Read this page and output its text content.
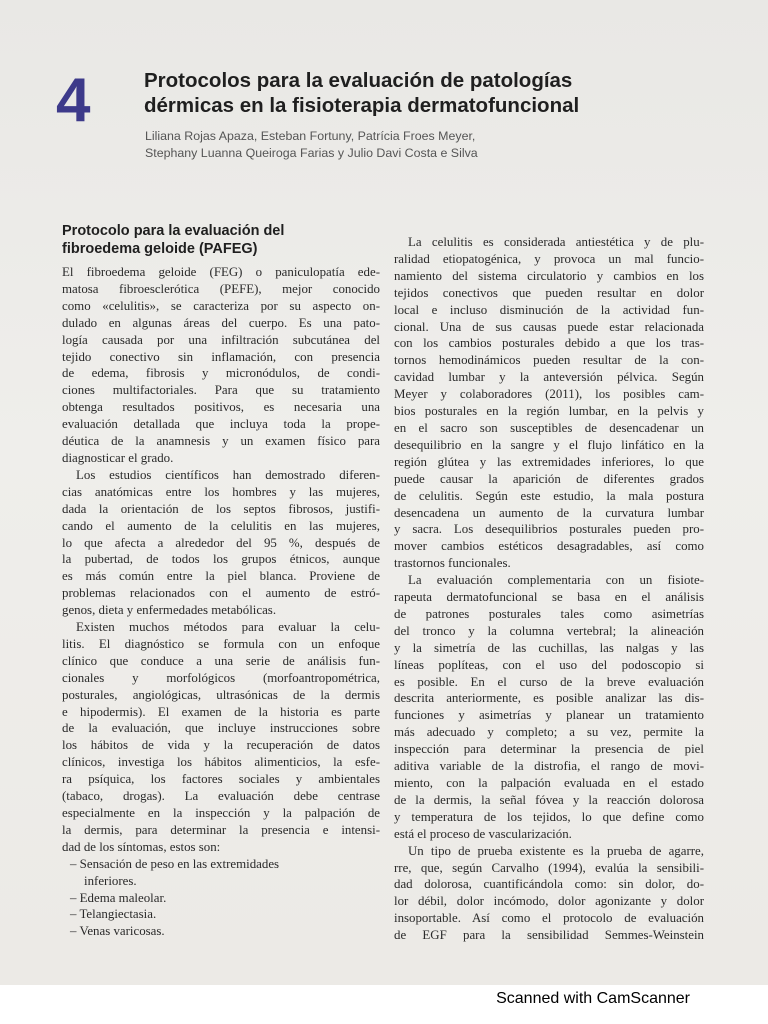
4	Protocolos para la evaluación de patologías
dérmicas en la fisioterapia dermatofuncional
Liliana Rojas Apaza, Esteban Fortuny, Patrícia Froes Meyer,
Stephany Luanna Queiroga Farias y Julio Davi Costa e Silva
Protocolo para la evaluación del
fibroedema geloide (PAFEG)
El fibroedema geloide (FEG) o paniculopatía ede-
matosa fibroesclerótica (PEFE), mejor conocido
como «celulitis», se caracteriza por su aspecto on-
dulado en algunas áreas del cuerpo. Es una pato-
logía causada por una infiltración subcutánea del
tejido conectivo sin inflamación, con presencia
de edema, fibrosis y micronódulos, de condi-
ciones multifactoriales. Para que su tratamiento
obtenga resultados positivos, es necesaria una
evaluación detallada que incluya toda la prope-
déutica de la anamnesis y un examen físico para
diagnosticar el grado.
Los estudios científicos han demostrado diferen-
cias anatómicas entre los hombres y las mujeres,
dada la orientación de los septos fibrosos, justifi-
cando el aumento de la celulitis en las mujeres,
lo que afecta a alrededor del 95 %, después de
la pubertad, de todos los grupos étnicos, aunque
es más común entre la piel blanca. Proviene de
problemas relacionados con el aumento de estró-
genos, dieta y enfermedades metabólicas.
Existen muchos métodos para evaluar la celu-
litis. El diagnóstico se formula con un enfoque
clínico que conduce a una serie de análisis fun-
cionales y morfológicos (morfoantropométrica,
posturales, angiológicas, ultrasónicas de la dermis
e hipodermis). El examen de la historia es parte
de la evaluación, que incluye instrucciones sobre
los hábitos de vida y la recuperación de datos
clínicos, investiga los hábitos alimenticios, la esfe-
ra psíquica, los factores sociales y ambientales
(tabaco, drogas). La evaluación debe centrase
especialmente en la inspección y la palpación de
la dermis, para determinar la presencia e intensi-
dad de los síntomas, estos son:
– Sensación de peso en las extremidades
inferiores.
– Edema maleolar.
– Telangiectasia.
– Venas varicosas.
La celulitis es considerada antiestética y de plu-
ralidad etiopatogénica, y provoca un mal funcio-
namiento del sistema circulatorio y cambios en los
tejidos conectivos que pueden resultar en dolor
local e incluso disminución de la actividad fun-
cional. Una de sus causas puede estar relacionada
con los cambios posturales debido a que los tras-
tornos hemodinámicos pueden resultar de la con-
cavidad lumbar y la anteversión pélvica. Según
Meyer y colaboradores (2011), los posibles cam-
bios posturales en la región lumbar, en la pelvis y
en el sacro son susceptibles de desencadenar un
desequilibrio en la sangre y el flujo linfático en la
región glútea y las extremidades inferiores, lo que
puede causar la aparición de diferentes grados
de celulitis. Según este estudio, la mala postura
desencadena un aumento de la curvatura lumbar
y sacra. Los desequilibrios posturales pueden pro-
mover cambios estéticos desagradables, así como
trastornos funcionales.
La evaluación complementaria con un fisiote-
rapeuta dermatofuncional se basa en el análisis
de patrones posturales tales como asimetrías
del tronco y la columna vertebral; la alineación
y la simetría de las cuchillas, las nalgas y las
líneas poplíteas, con el uso del podoscopio si
es posible. En el curso de la breve evaluación
descrita anteriormente, es posible analizar las dis-
funciones y asimetrías y planear un tratamiento
más adecuado y completo; a su vez, permite la
inspección para determinar la presencia de piel
aditiva variable de la distrofia, el rango de movi-
miento, con la palpación evaluada en el estado
de la dermis, la señal fóvea y la reacción dolorosa
y temperatura de los tejidos, lo que define como
está el proceso de vascularización.
Un tipo de prueba existente es la prueba de agarre,
rre, que, según Carvalho (1994), evalúa la sensibili-
dad dolorosa, cuantificándola como: sin dolor, do-
lor débil, dolor incómodo, dolor agonizante y dolor
insoportable. Así como el protocolo de evaluación
de EGF para la sensibilidad Semmes-Weinstein
Scanned with CamScanner
